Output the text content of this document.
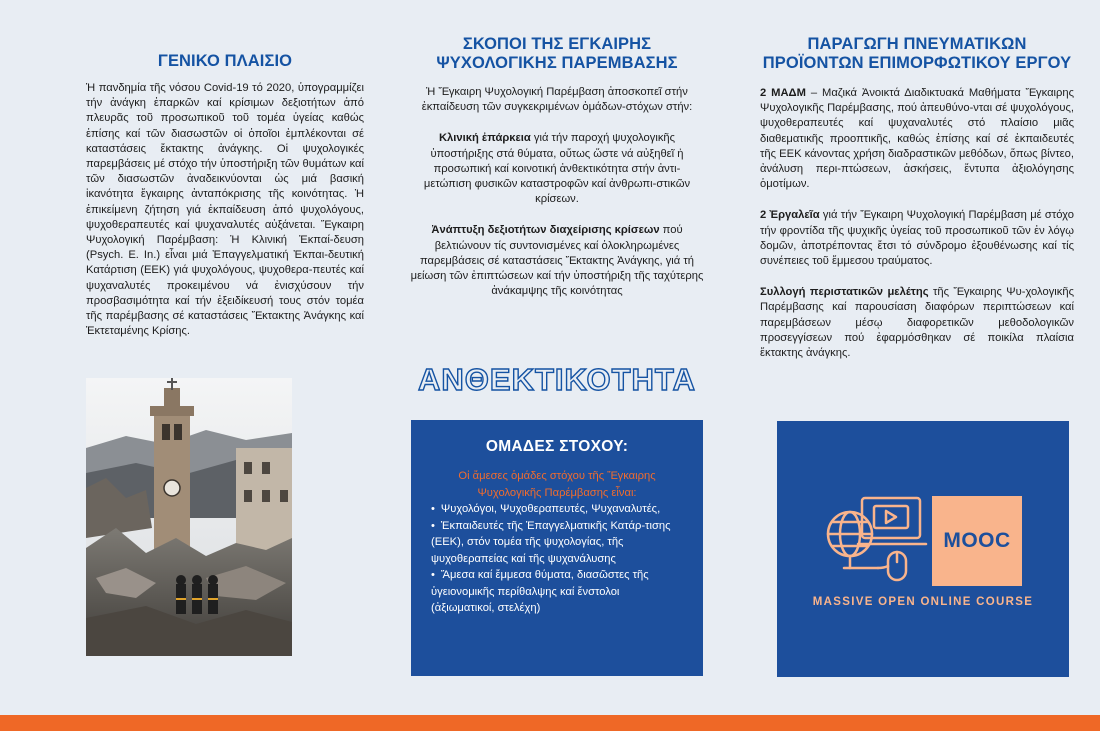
ΓΕΝΙΚΟ ΠΛΑΙΣΙΟ

Ἡ πανδημία τῆς νόσου Covid-19 τό 2020, ὑπογραμμίζει τήν ἀνάγκη ἐπαρκῶν καί κρίσιμων δεξιοτήτων ἀπό πλευρᾶς τοῦ προσωπικοῦ τοῦ τομέα ὑγείας καθώς ἐπίσης καί τῶν διασωστῶν οἱ ὁποῖοι ἐμπλέκονται σέ καταστάσεις ἔκτακτης ἀνάγκης. Οἱ ψυχολογικές παρεμβάσεις μέ στόχο τήν ὑποστήριξη τῶν θυμάτων καί τῶν διασωστῶν ἀναδεικνύονται ὡς μιά βασική ἱκανότητα ἔγκαιρης ἀνταπόκρισης τῆς κοινότητας. Ἡ ἐπικείμενη ζήτηση γιά ἐκπαίδευση ἀπό ψυχολόγους, ψυχοθεραπευτές καί ψυχαναλυτές αὐξάνεται. Ἔγκαιρη Ψυχολογική Παρέμβαση: Ἡ Κλινική Ἐκπαί-δευση (Psych. E. In.) εἶναι μιά Ἐπαγγελματική Ἐκπαι-δευτική Κατάρτιση (ΕΕΚ) γιά ψυχολόγους, ψυχοθερα-πευτές καί ψυχαναλυτές προκειμένου νά ἐνισχύσουν τήν προσβασιμότητα καί τήν ἐξειδίκευσή τους στόν τομέα τῆς παρέμβασης σέ καταστάσεις Ἔκτακτης Ἀνάγκης καί Ἐκτεταμένης Κρίσης.

ΣΚΟΠΟΙ ΤΗΣ ΕΓΚΑΙΡΗΣ ΨΥΧΟΛΟΓΙΚΗΣ ΠΑΡΕΜΒΑΣΗΣ

Ἡ Ἔγκαιρη Ψυχολογική Παρέμβαση ἀποσκοπεῖ στήν ἐκπαίδευση τῶν συγκεκριμένων ὁμάδων-στόχων στήν:

Κλινική ἐπάρκεια γιά τήν παροχή ψυχολογικῆς ὑποστήριξης στά θύματα, οὕτως ὥστε νά αὐξηθεῖ ἡ προσωπική καί κοινοτική ἀνθεκτικότητα στήν ἀντι-μετώπιση φυσικῶν καταστροφῶν καί ἀνθρωπι-στικῶν κρίσεων.

Ἀνάπτυξη δεξιοτήτων διαχείρισης κρίσεων πού βελτιώνουν τίς συντονισμένες καί ὁλοκληρωμένες παρεμβάσεις σέ καταστάσεις Ἔκτακτης Ἀνάγκης, γιά τή μείωση τῶν ἐπιπτώσεων καί τήν ὑποστήριξη τῆς ταχύτερης ἀνάκαμψης τῆς κοινότητας

ΑΝΘΕΚΤΙΚΟΤΗΤΑ
ΟΜΑΔΕΣ ΣΤΟΧΟΥ:
Οἱ ἄμεσες ὁμάδες στόχου τῆς Ἔγκαιρης Ψυχολογικῆς Παρέμβασης εἶναι:
• Ψυχολόγοι, Ψυχοθεραπευτές, Ψυχαναλυτές,
• Ἐκπαιδευτές τῆς Ἐπαγγελματικῆς Κατάρ-τισης (ΕΕΚ), στόν τομέα τῆς ψυχολογίας, τῆς ψυχοθεραπείας καί τῆς ψυχανάλυσης
• Ἄμεσα καί ἔμμεσα θύματα, διασῶστες τῆς ὑγειονομικῆς περίθαλψης καί ἔνστολοι (ἀξιωματικοί, στελέχη)
ΠΑΡΑΓΩΓΗ ΠΝΕΥΜΑΤΙΚΩΝ ΠΡΟΪΟΝΤΩΝ ΕΠΙΜΟΡΦΩΤΙΚΟΥ ΕΡΓΟΥ

2 ΜΑΔΜ – Μαζικά Ἀνοικτά Διαδικτυακά Μαθήματα Ἔγκαιρης Ψυχολογικῆς Παρέμβασης, πού ἀπευθύνο-νται σέ ψυχολόγους, ψυχοθεραπευτές καί ψυχαναλυτές στό πλαίσιο μιᾶς διαθεματικῆς προοπτικῆς, καθώς ἐπίσης καί σέ ἐκπαιδευτές τῆς ΕΕΚ κάνοντας χρήση διαδραστικῶν μεθόδων, ὅπως βίντεο, ἀνάλυση περι-πτώσεων, ἀσκήσεις, ἔντυπα ἀξιολόγησης ὁμοτίμων.

2 Ἐργαλεῖα γιά τήν Ἔγκαιρη Ψυχολογική Παρέμβαση μέ στόχο τήν φροντίδα τῆς ψυχικῆς ὑγείας τοῦ προσωπικοῦ τῶν ἐν λόγῳ δομῶν, ἀποτρέποντας ἔτσι τό σύνδρομο ἐξουθένωσης καί τίς συνέπειες τοῦ ἔμμεσου τραύματος.

Συλλογή περιστατικῶν μελέτης τῆς Ἔγκαιρης Ψυ-χολογικῆς Παρέμβασης καί παρουσίαση διαφόρων περιπτώσεων καί παρεμβάσεων μέσῳ διαφορετικῶν μεθοδολογικῶν προσεγγίσεων πού ἐφαρμόσθηκαν σέ ποικίλα πλαίσια ἔκτακτης ἀνάγκης.

MOOC
MASSIVE OPEN ONLINE COURSE
